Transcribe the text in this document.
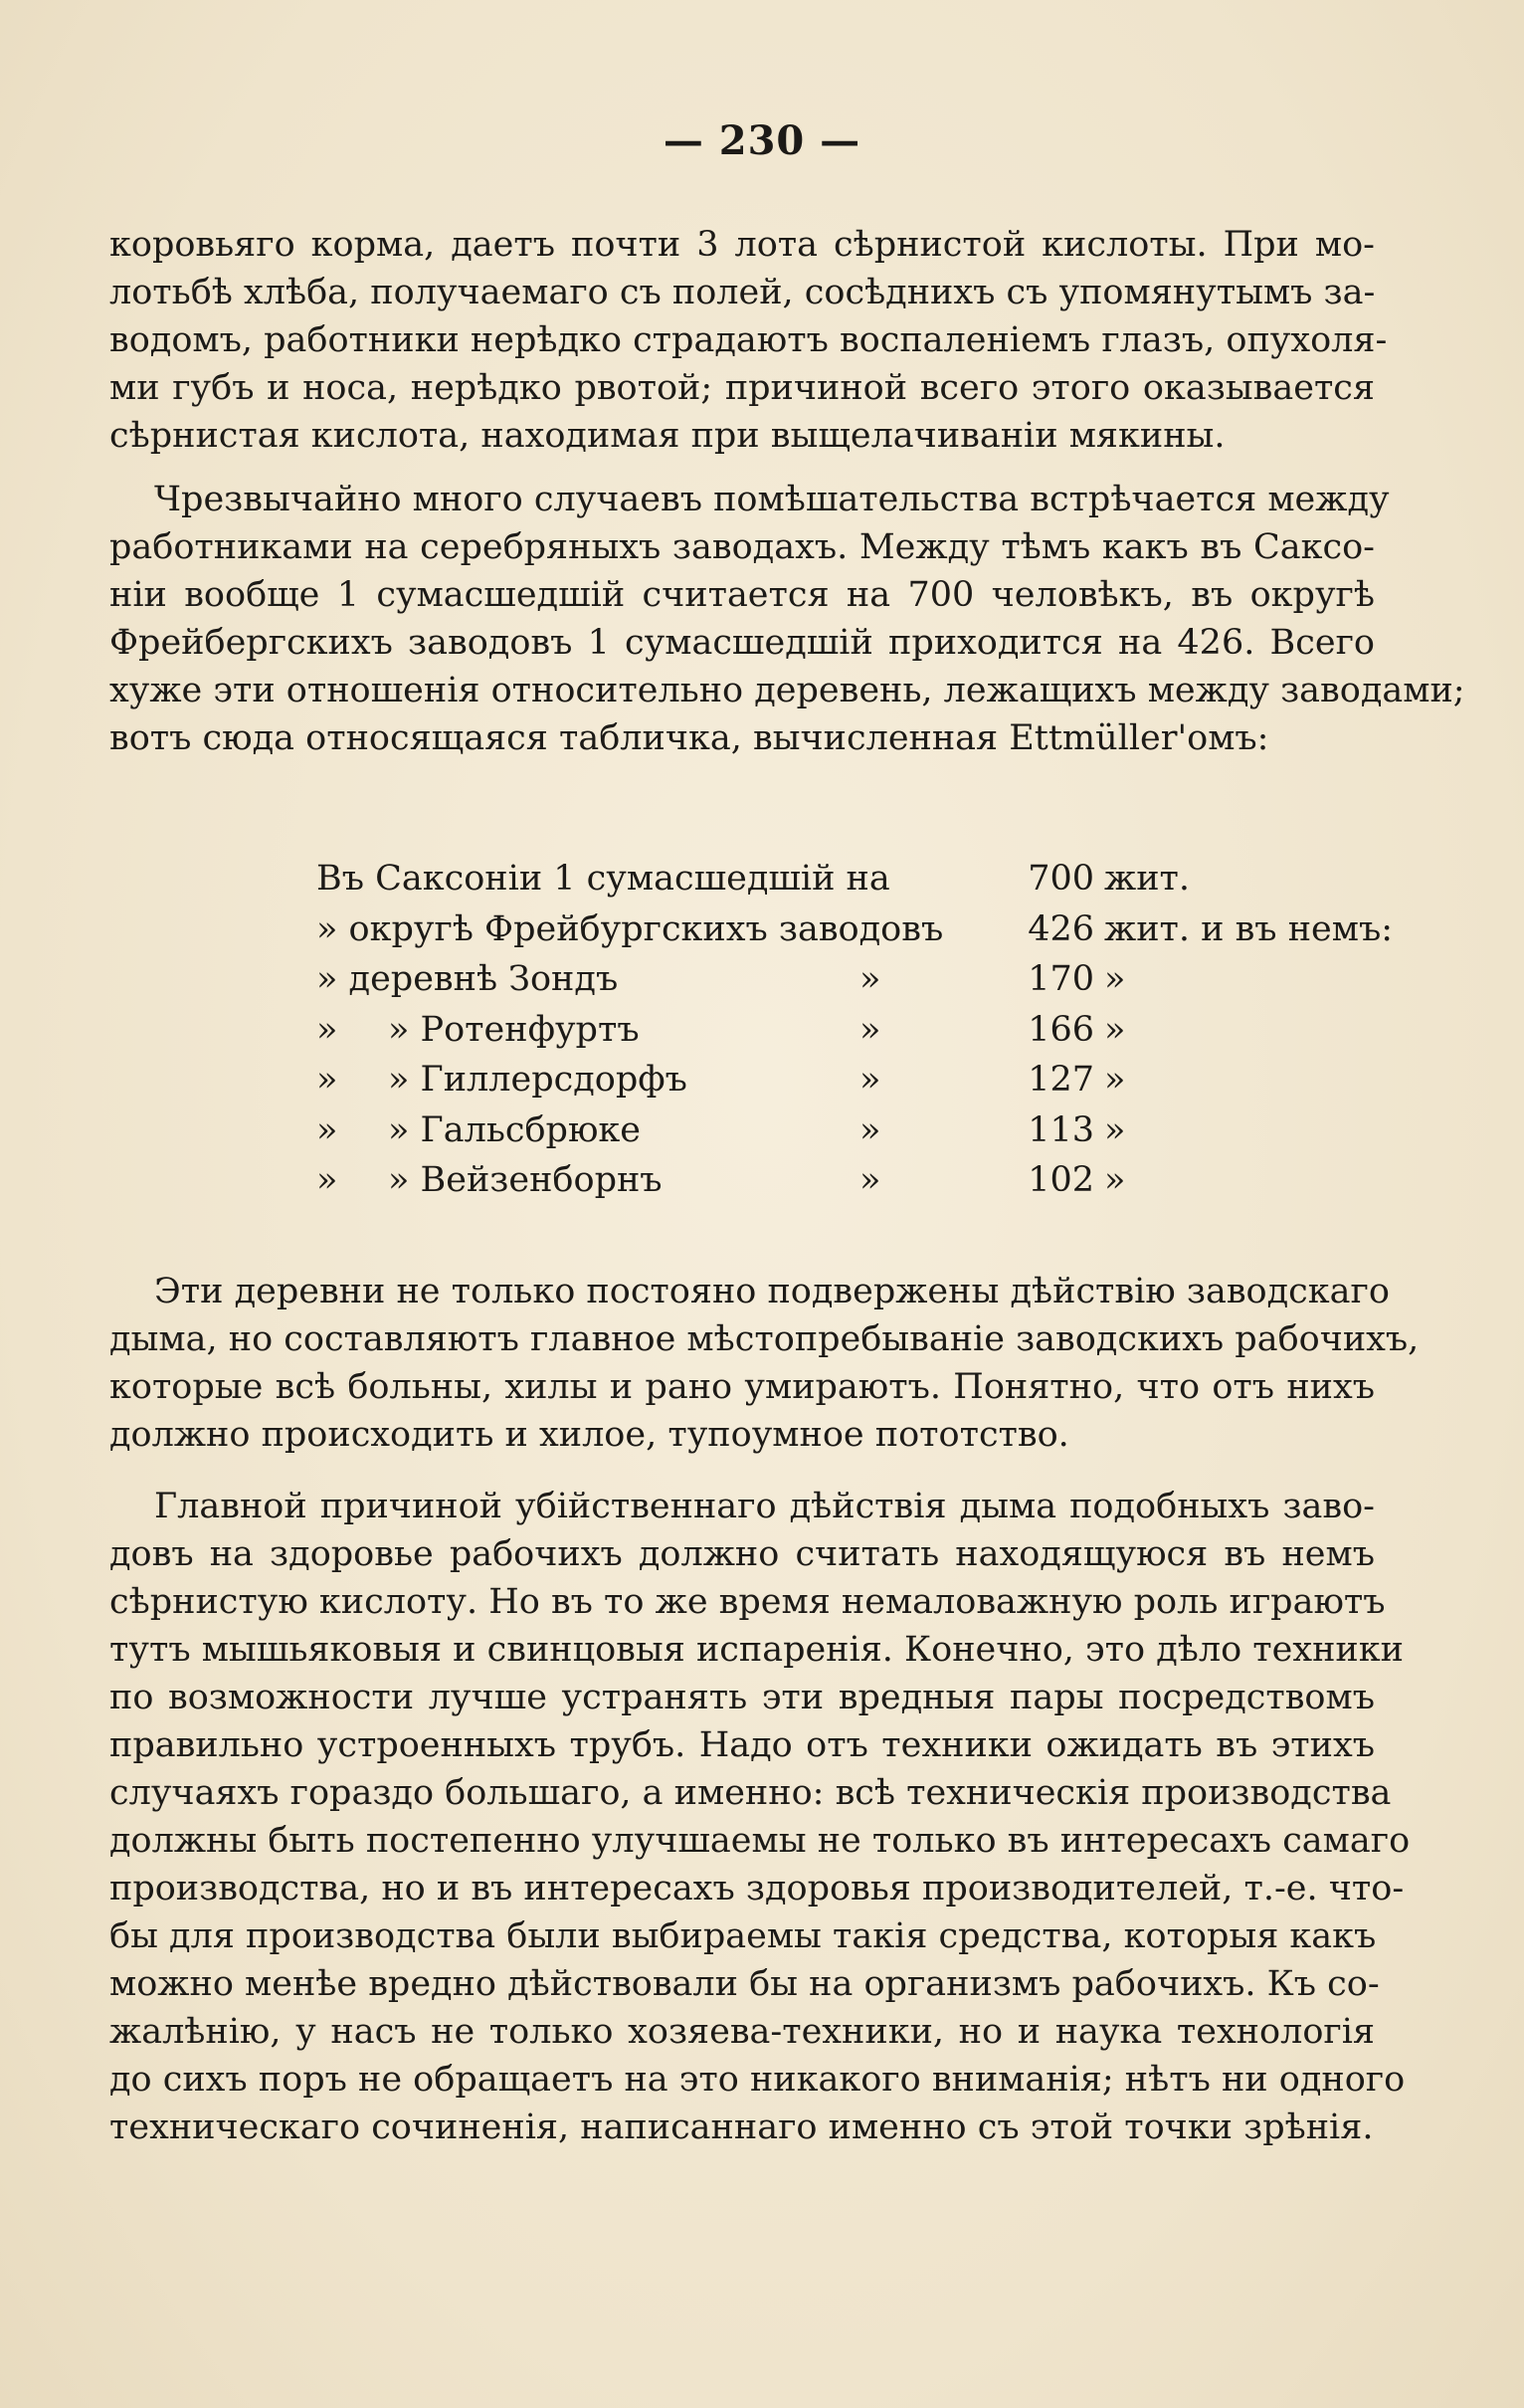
— 230 —
коровьяго корма, даетъ почти 3 лота сѣрнистой кислоты. При мо-
лотьбѣ хлѣба, получаемаго съ полей, сосѣднихъ съ упомянутымъ за-
водомъ, работники нерѣдко страдаютъ воспаленіемъ глазъ, опухоля-
ми губъ и носа, нерѣдко рвотой; причиной всего этого оказывается
сѣрнистая кислота, находимая при выщелачиваніи мякины.
Чрезвычайно много случаевъ помѣшательства встрѣчается между
работниками на серебряныхъ заводахъ. Между тѣмъ какъ въ Саксо-
ніи вообще 1 сумасшедшій считается на 700 человѣкъ, въ округѣ
Фрейбергскихъ заводовъ 1 сумасшедшій приходится на 426. Всего
хуже эти отношенія относительно деревень, лежащихъ между заводами;
вотъ сюда относящаяся табличка, вычисленная Ettmüller'омъ:
Въ Саксоніи 1 сумасшедшій на	700 жит.
» округѣ Фрейбургскихъ заводовъ	426 жит. и въ немъ:
» деревнѣ Зондъ	»	170 »
» » Ротенфуртъ	»	166 »
» » Гиллерсдорфъ	»	127 »
» » Гальсбрюке	»	113 »
» » Вейзенборнъ	»	102 »
Эти деревни не только постояно подвержены дѣйствію заводскаго
дыма, но составляютъ главное мѣстопребываніе заводскихъ рабочихъ,
которые всѣ больны, хилы и рано умираютъ. Понятно, что отъ нихъ
должно происходить и хилое, тупоумное пототство.
Главной причиной убійственнаго дѣйствія дыма подобныхъ заво-
довъ на здоровье рабочихъ должно считать находящуюся въ немъ
сѣрнистую кислоту. Но въ то же время немаловажную роль играютъ
тутъ мышьяковыя и свинцовыя испаренія. Конечно, это дѣло техники
по возможности лучше устранять эти вредныя пары посредствомъ
правильно устроенныхъ трубъ. Надо отъ техники ожидать въ этихъ
случаяхъ гораздо большаго, а именно: всѣ техническія производства
должны быть постепенно улучшаемы не только въ интересахъ самаго
производства, но и въ интересахъ здоровья производителей, т.-е. что-
бы для производства были выбираемы такія средства, которыя какъ
можно менѣе вредно дѣйствовали бы на организмъ рабочихъ. Къ со-
жалѣнію, у насъ не только хозяева-техники, но и наука технологія
до сихъ поръ не обращаетъ на это никакого вниманія; нѣтъ ни одного
техническаго сочиненія, написаннаго именно съ этой точки зрѣнія.
